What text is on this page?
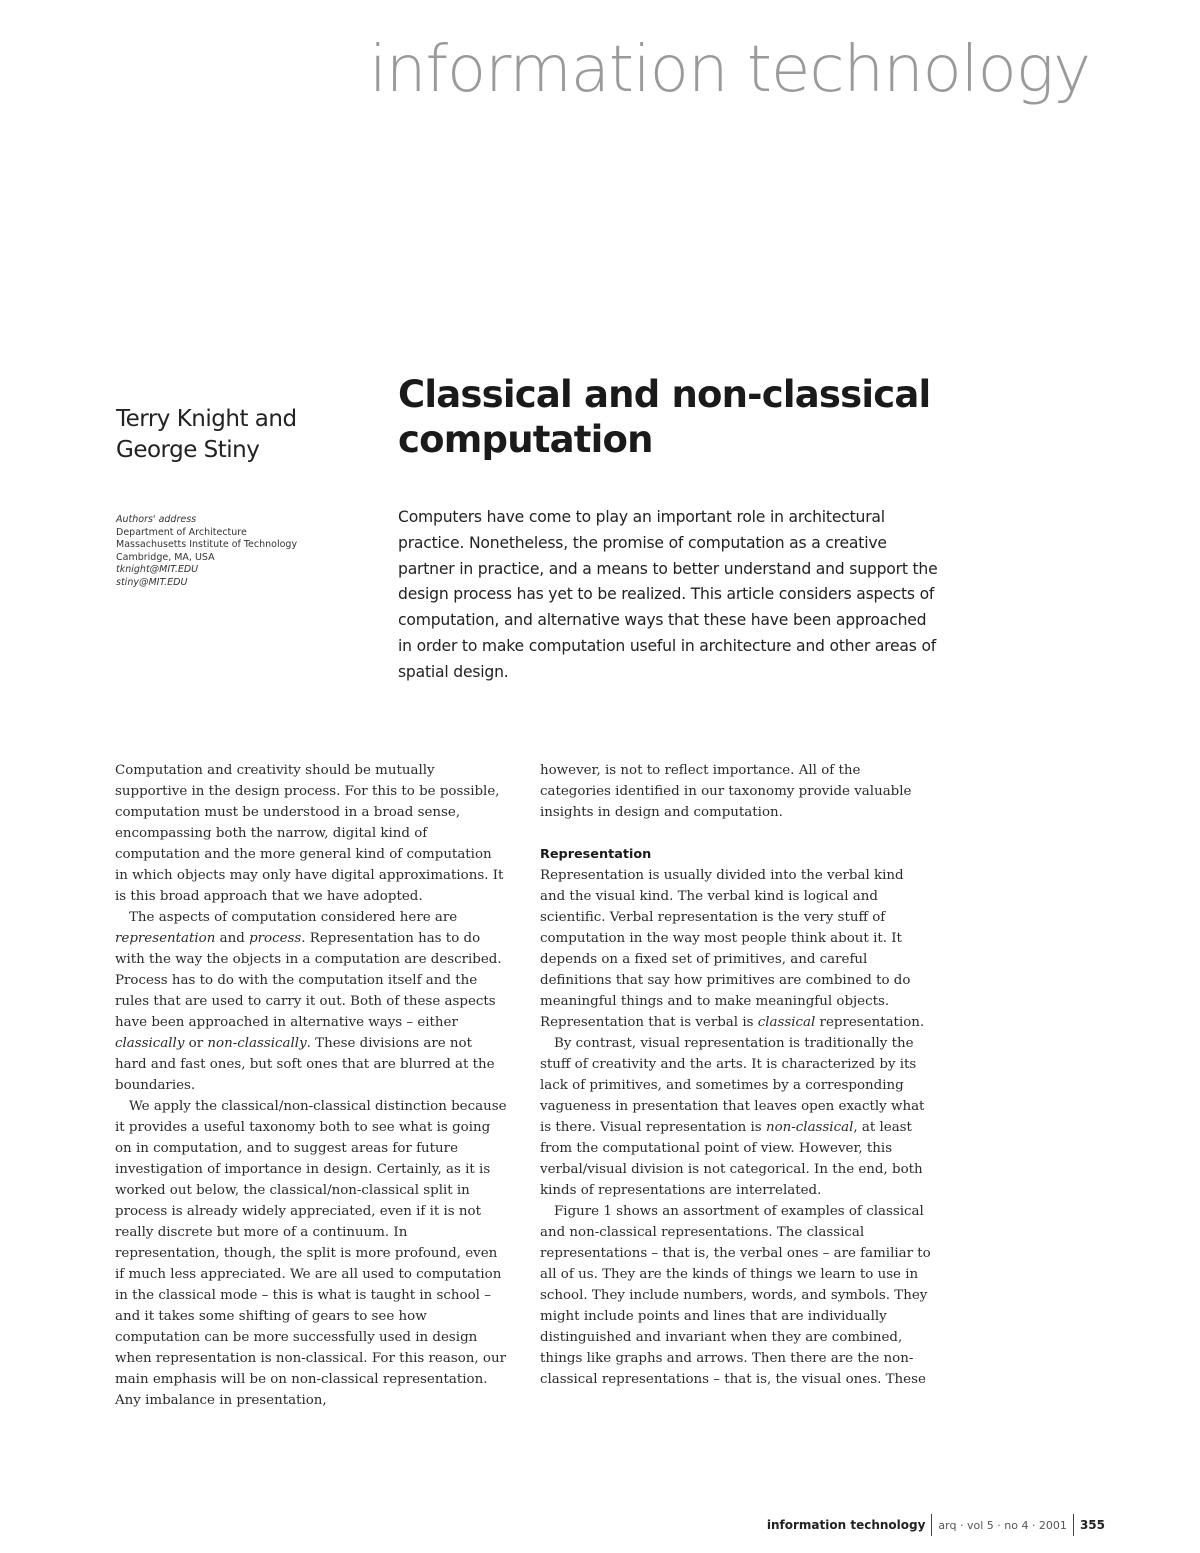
information technology
Terry Knight and
George Stiny
Authors' address
Department of Architecture
Massachusetts Institute of Technology
Cambridge, MA, USA
tknight@MIT.EDU
stiny@MIT.EDU
Classical and non-classical computation
Computers have come to play an important role in architectural practice. Nonetheless, the promise of computation as a creative partner in practice, and a means to better understand and support the design process has yet to be realized. This article considers aspects of computation, and alternative ways that these have been approached in order to make computation useful in architecture and other areas of spatial design.

Computation and creativity should be mutually supportive in the design process. For this to be possible, computation must be understood in a broad sense, encompassing both the narrow, digital kind of computation and the more general kind of computation in which objects may only have digital approximations. It is this broad approach that we have adopted.

The aspects of computation considered here are representation and process. Representation has to do with the way the objects in a computation are described. Process has to do with the computation itself and the rules that are used to carry it out. Both of these aspects have been approached in alternative ways – either classically or non-classically. These divisions are not hard and fast ones, but soft ones that are blurred at the boundaries.

We apply the classical/non-classical distinction because it provides a useful taxonomy both to see what is going on in computation, and to suggest areas for future investigation of importance in design. Certainly, as it is worked out below, the classical/non-classical split in process is already widely appreciated, even if it is not really discrete but more of a continuum. In representation, though, the split is more profound, even if much less appreciated. We are all used to computation in the classical mode – this is what is taught in school – and it takes some shifting of gears to see how computation can be more successfully used in design when representation is non-classical. For this reason, our main emphasis will be on non-classical representation. Any imbalance in presentation,

however, is not to reflect importance. All of the categories identified in our taxonomy provide valuable insights in design and computation.

Representation

Representation is usually divided into the verbal kind and the visual kind. The verbal kind is logical and scientific. Verbal representation is the very stuff of computation in the way most people think about it. It depends on a fixed set of primitives, and careful definitions that say how primitives are combined to do meaningful things and to make meaningful objects. Representation that is verbal is classical representation.

By contrast, visual representation is traditionally the stuff of creativity and the arts. It is characterized by its lack of primitives, and sometimes by a corresponding vagueness in presentation that leaves open exactly what is there. Visual representation is non-classical, at least from the computational point of view. However, this verbal/visual division is not categorical. In the end, both kinds of representations are interrelated.

Figure 1 shows an assortment of examples of classical and non-classical representations. The classical representations – that is, the verbal ones – are familiar to all of us. They are the kinds of things we learn to use in school. They include numbers, words, and symbols. They might include points and lines that are individually distinguished and invariant when they are combined, things like graphs and arrows. Then there are the non-classical representations – that is, the visual ones. These

information technology arq · vol 5 · no 4 · 2001 355
